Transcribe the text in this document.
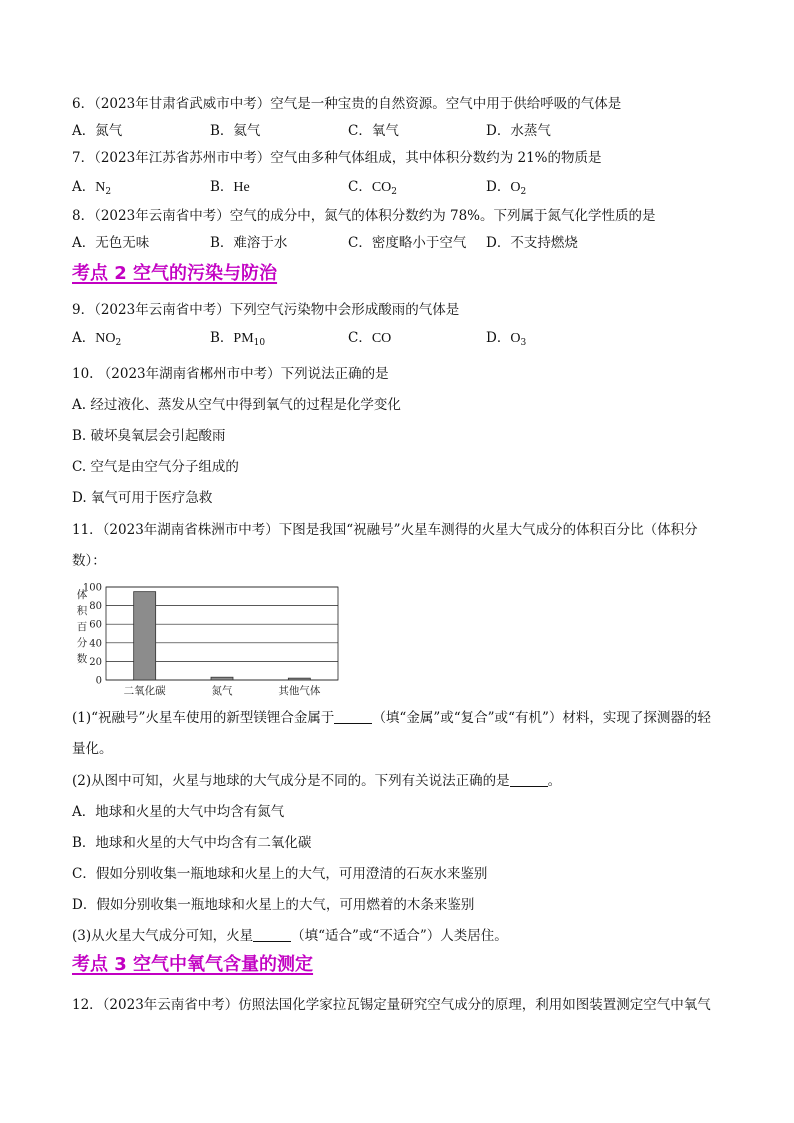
6．（2023年甘肃省武威市中考）空气是一种宝贵的自然资源。空气中用于供给呼吸的气体是
A．氮气	B．氦气	C．氧气	D．水蒸气
7．（2023年江苏省苏州市中考）空气由多种气体组成，其中体积分数约为 21%的物质是
A．$N_2$	B．He	C．$CO_2$	D．$O_2$
8．（2023年云南省中考）空气的成分中，氮气的体积分数约为 78%。下列属于氮气化学性质的是
A．无色无味	B．难溶于水	C．密度略小于空气 D．不支持燃烧
考点 2 空气的污染与防治
9．（2023年云南省中考）下列空气污染物中会形成酸雨的气体是
A．$NO_2$	B．$PM_{10}$	C．CO	D．$O_3$
10. （2023年湖南省郴州市中考）下列说法正确的是
A. 经过液化、蒸发从空气中得到氧气的过程是化学变化
B. 破坏臭氧层会引起酸雨
C. 空气是由空气分子组成的
D. 氧气可用于医疗急救
11．（2023年湖南省株洲市中考）下图是我国“祝融号”火星车测得的火星大气成分的体积百分比（体积分
数）：
体
积
百
分
数
0
20
40
60
80
100
二氧化碳	氮气	其他气体
(1)“祝融号”火星车使用的新型镁锂合金属于	（填“金属”或“复合”或“有机”）材料，实现了探测器的轻
量化。
(2)从图中可知，火星与地球的大气成分是不同的。下列有关说法正确的是	。
A．地球和火星的大气中均含有氮气
B．地球和火星的大气中均含有二氧化碳
C．假如分别收集一瓶地球和火星上的大气，可用澄清的石灰水来鉴别
D．假如分别收集一瓶地球和火星上的大气，可用燃着的木条来鉴别
(3)从火星大气成分可知，火星	（填“适合”或“不适合”）人类居住。
考点 3 空气中氧气含量的测定
12．（2023年云南省中考）仿照法国化学家拉瓦锡定量研究空气成分的原理，利用如图装置测定空气中氧气
